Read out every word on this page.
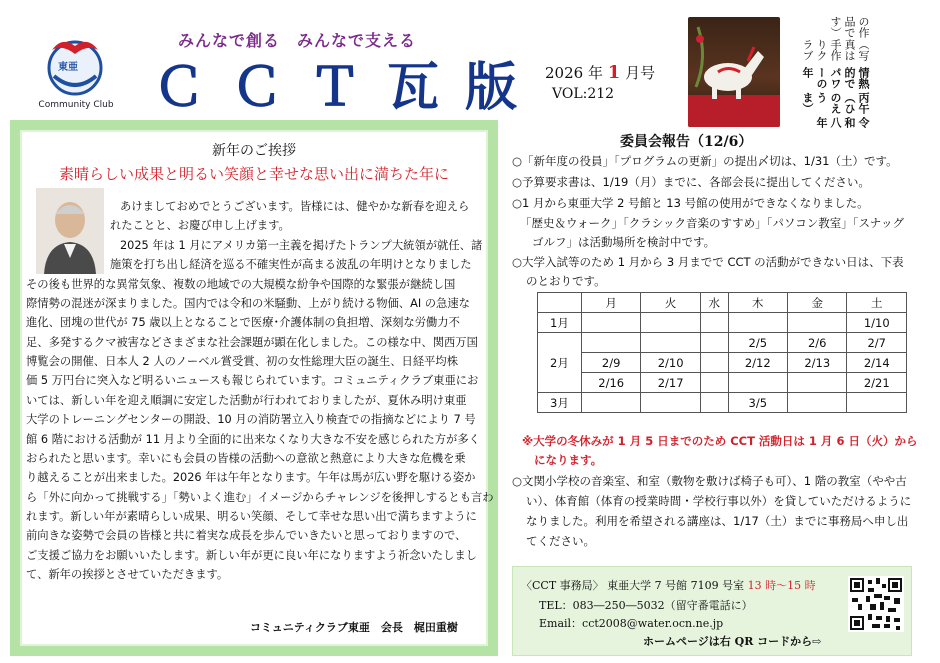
東亜
Community Club
みんなで創る　みんなで支える
Ｃ Ｃ Ｔ 瓦 版	2026 年 1 月号
VOL:212
令和八年
丙午（ひのえうま）
情熱的でパワーの年
（写真は手作りクラブ
の作品です）
新年のご挨拶
素晴らしい成果と明るい笑顔と幸せな思い出に満ちた年に
あけましておめでとうございます。皆様には、健やかな新春を迎えら
れたことと、お慶び申し上げます。
2025 年は 1 月にアメリカ第一主義を掲げたトランプ大統領が就任、諸
施策を打ち出し経済を巡る不確実性が高まる波乱の年明けとなりました
その後も世界的な異常気象、複数の地域での大規模な紛争や国際的な緊張が継続し国
際情勢の混迷が深まりました。国内では令和の米騒動、上がり続ける物価、AI の急速な
進化、団塊の世代が 75 歳以上となることで医療･介護体制の負担増、深刻な労働力不
足、多発するクマ被害などさまざまな社会課題が顕在化しました。この様な中、関西万国
博覧会の開催、日本人 2 人のノーベル賞受賞、初の女性総理大臣の誕生、日経平均株
価 5 万円台に突入など明るいニュースも報じられています。コミュニティクラブ東亜にお
いては、新しい年を迎え順調に安定した活動が行われておりましたが、夏休み明け東亜
大学のトレーニングセンターの開設、10 月の消防署立入り検査での指摘などにより 7 号
館 6 階における活動が 11 月より全面的に出来なくなり大きな不安を感じられた方が多く
おられたと思います。幸いにも会員の皆様の活動への意欲と熱意により大きな危機を乗
り越えることが出来ました。2026 年は午年となります。午年は馬が広い野を駆ける姿か
ら「外に向かって挑戦する」「勢いよく進む」イメージからチャレンジを後押しするとも言わ
れます。新しい年が素晴らしい成果、明るい笑顔、そして幸せな思い出で満ちますように
前向きな姿勢で会員の皆様と共に着実な成長を歩んでいきたいと思っておりますので、
ご支援ご協力をお願いいたします。新しい年が更に良い年になりますよう祈念いたしまし
て、新年の挨拶とさせていただきます。
コミュニティクラブ東亜　会長　梶田重樹
委員会報告（12/6）
○「新年度の役員」「プログラムの更新」の提出〆切は、1/31（土）です。
○予算要求書は、1/19（月）までに、各部会長に提出してください。
○1 月から東亜大学 2 号館と 13 号館の使用ができなくなりました。
「歴史＆ウォーク」「クラシック音楽のすすめ」「パソコン教室」「スナッグ
ゴルフ」は活動場所を検討中です。
○大学入試等のため 1 月から 3 月までで CCT の活動ができない日は、下表
のとおりです。
	月	火	水	木	金	土
1月						1/10
2月				2/5	2/6	2/7
	2/9	2/10		2/12	2/13	2/14
	2/16	2/17				2/21
3月				3/5		
※大学の冬休みが 1 月 5 日までのため CCT 活動日は 1 月 6 日（火）から
になります。
○文関小学校の音楽室、和室（敷物を敷けば椅子も可）、1 階の教室（やや古
い）、体育館（体育の授業時間・学校行事以外）を貸していただけるように
なりました。利用を希望される講座は、1/17（土）までに事務局へ申し出
てください。
〈CCT 事務局〉 東亜大学 7 号館 7109 号室 13 時～15 時
TEL：083―250―5032（留守番電話に）
Email：cct2008@water.ocn.ne.jp
ホームページは右 QR コードから⇨
